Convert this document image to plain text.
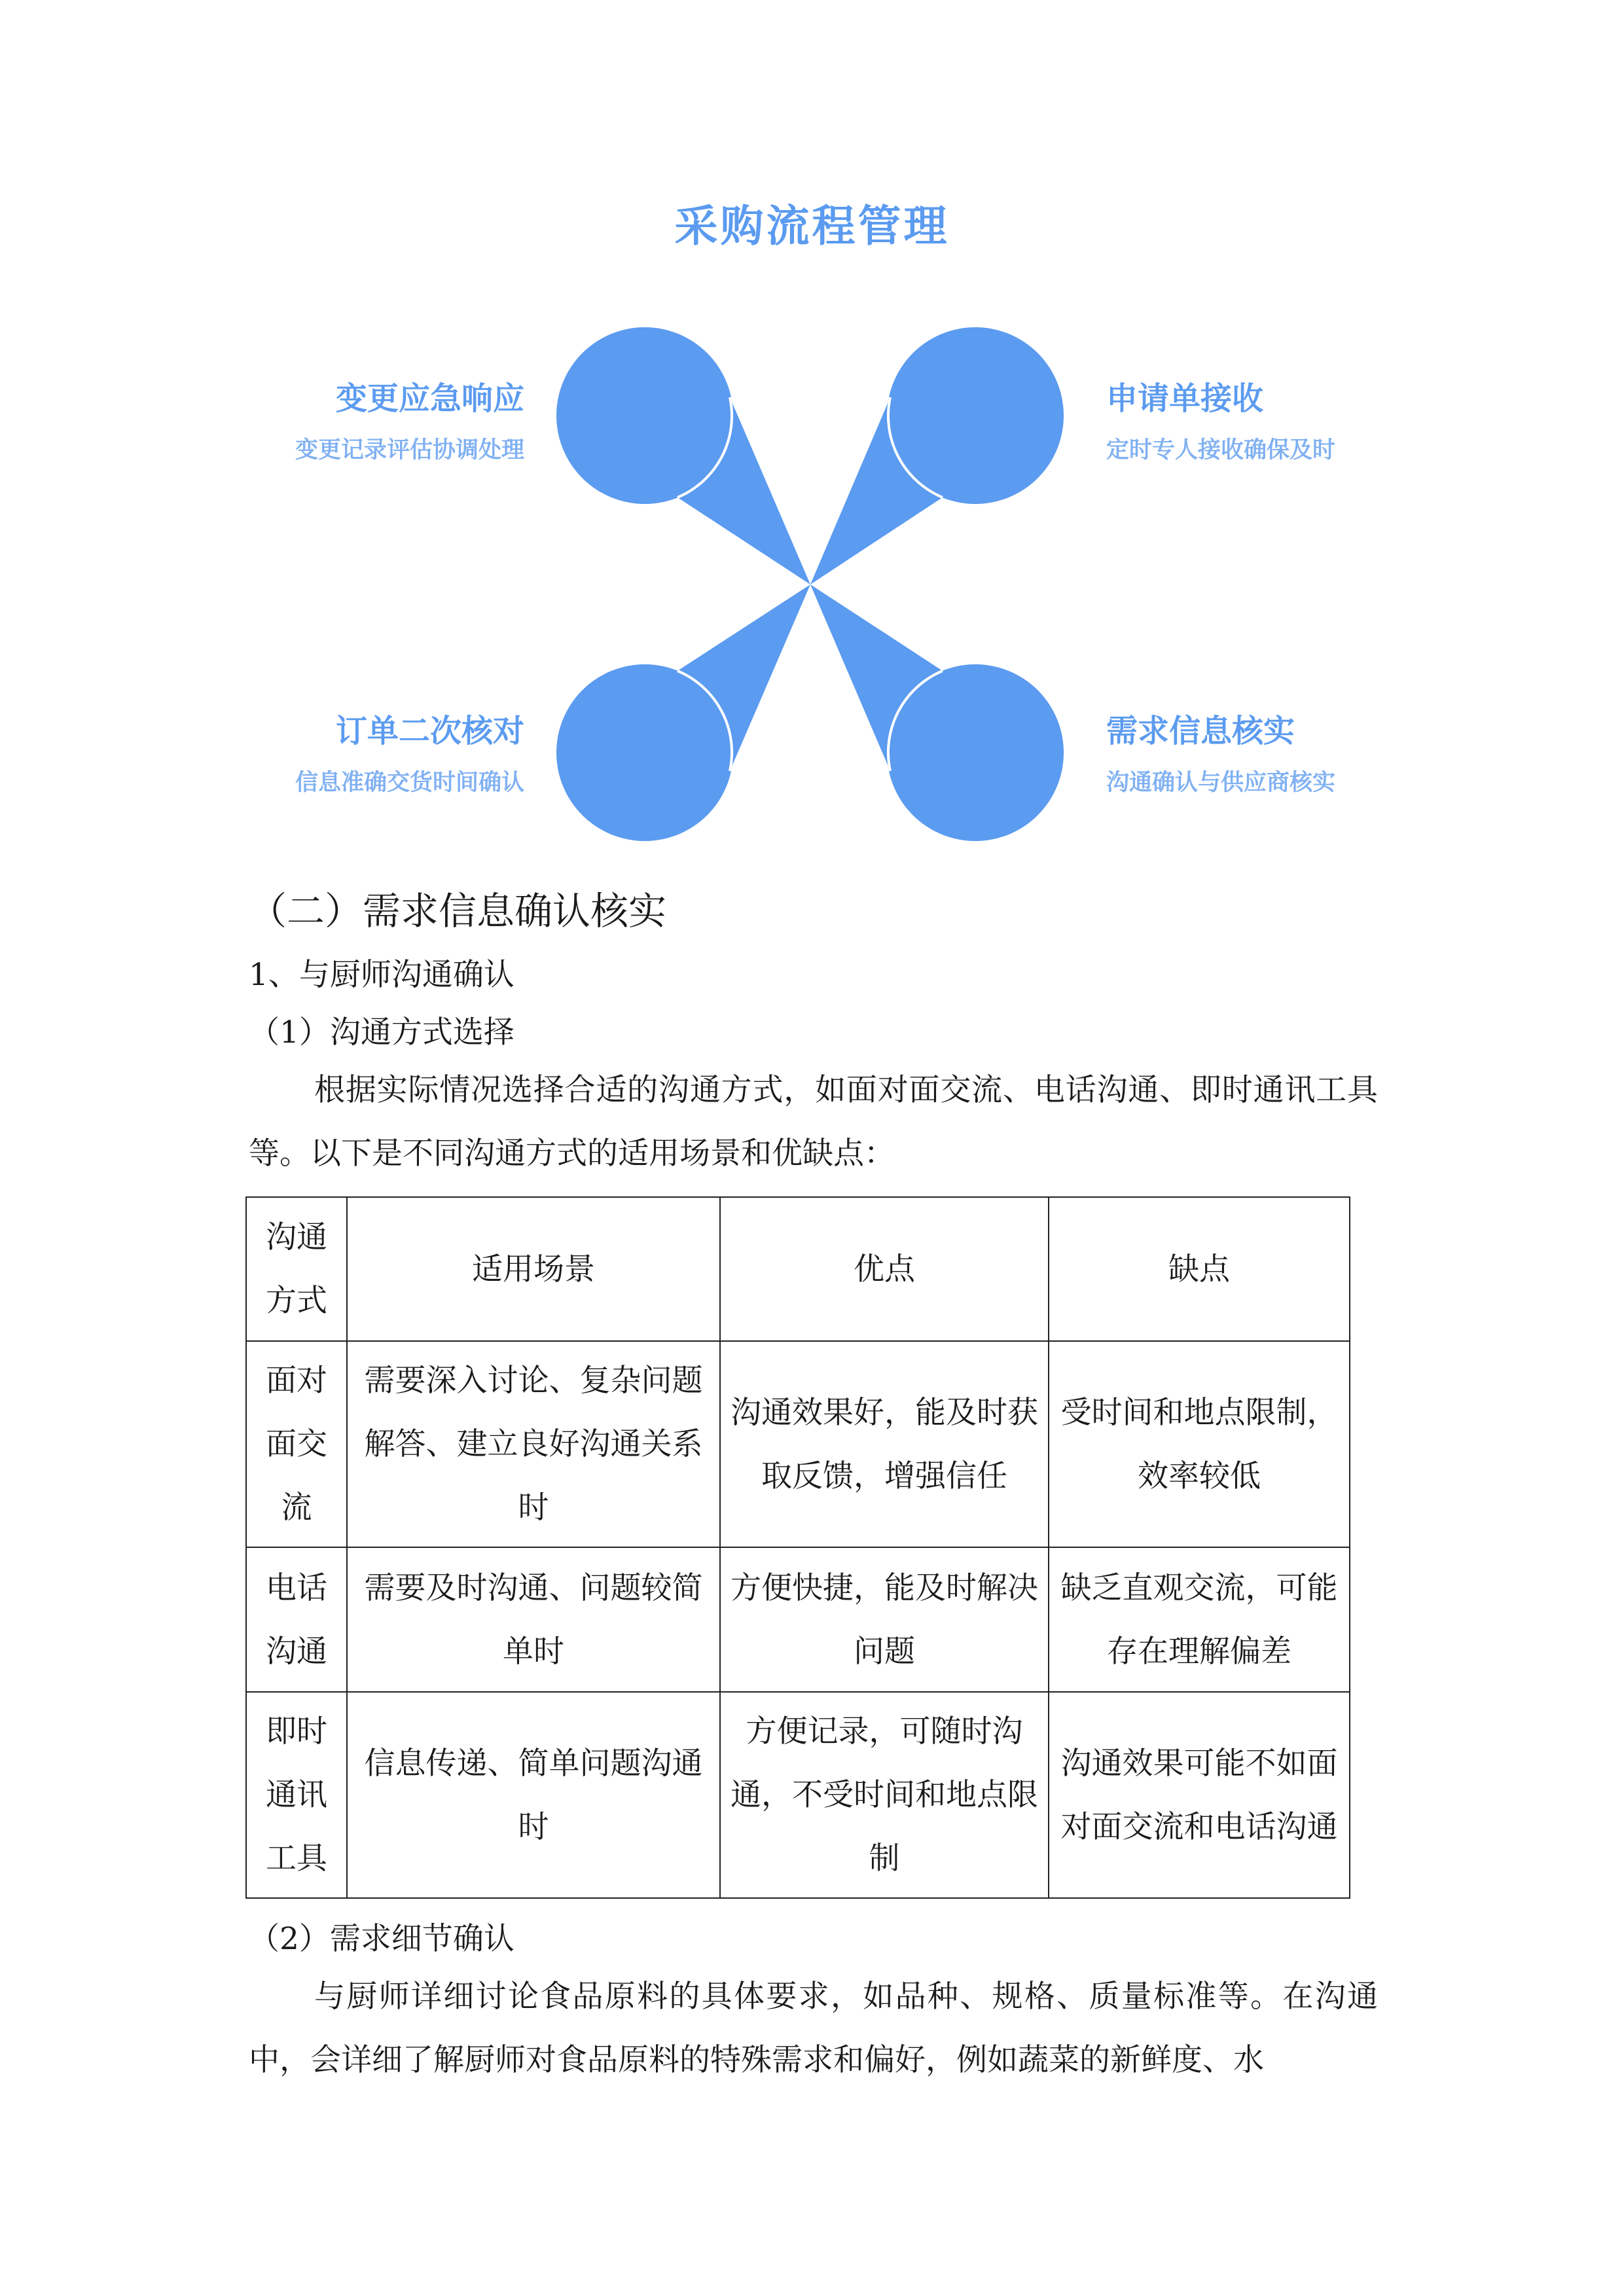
采购流程管理
变更应急响应
变更记录评估协调处理
申请单接收
定时专人接收确保及时
订单二次核对
信息准确交货时间确认
需求信息核实
沟通确认与供应商核实
（二）需求信息确认核实
1、与厨师沟通确认
（1）沟通方式选择
根据实际情况选择合适的沟通方式，如面对面交流、电话沟通、即时通讯工具等。以下是不同沟通方式的适用场景和优缺点：
沟通方式	适用场景	优点	缺点
面对面交流	需要深入讨论、复杂问题解答、建立良好沟通关系时	沟通效果好，能及时获取反馈，增强信任	受时间和地点限制，效率较低
电话沟通	需要及时沟通、问题较简单时	方便快捷，能及时解决问题	缺乏直观交流，可能存在理解偏差
即时通讯工具	信息传递、简单问题沟通时	方便记录，可随时沟通，不受时间和地点限制	沟通效果可能不如面对面交流和电话沟通
（2）需求细节确认
与厨师详细讨论食品原料的具体要求，如品种、规格、质量标准等。在沟通中，会详细了解厨师对食品原料的特殊需求和偏好，例如蔬菜的新鲜度、水
